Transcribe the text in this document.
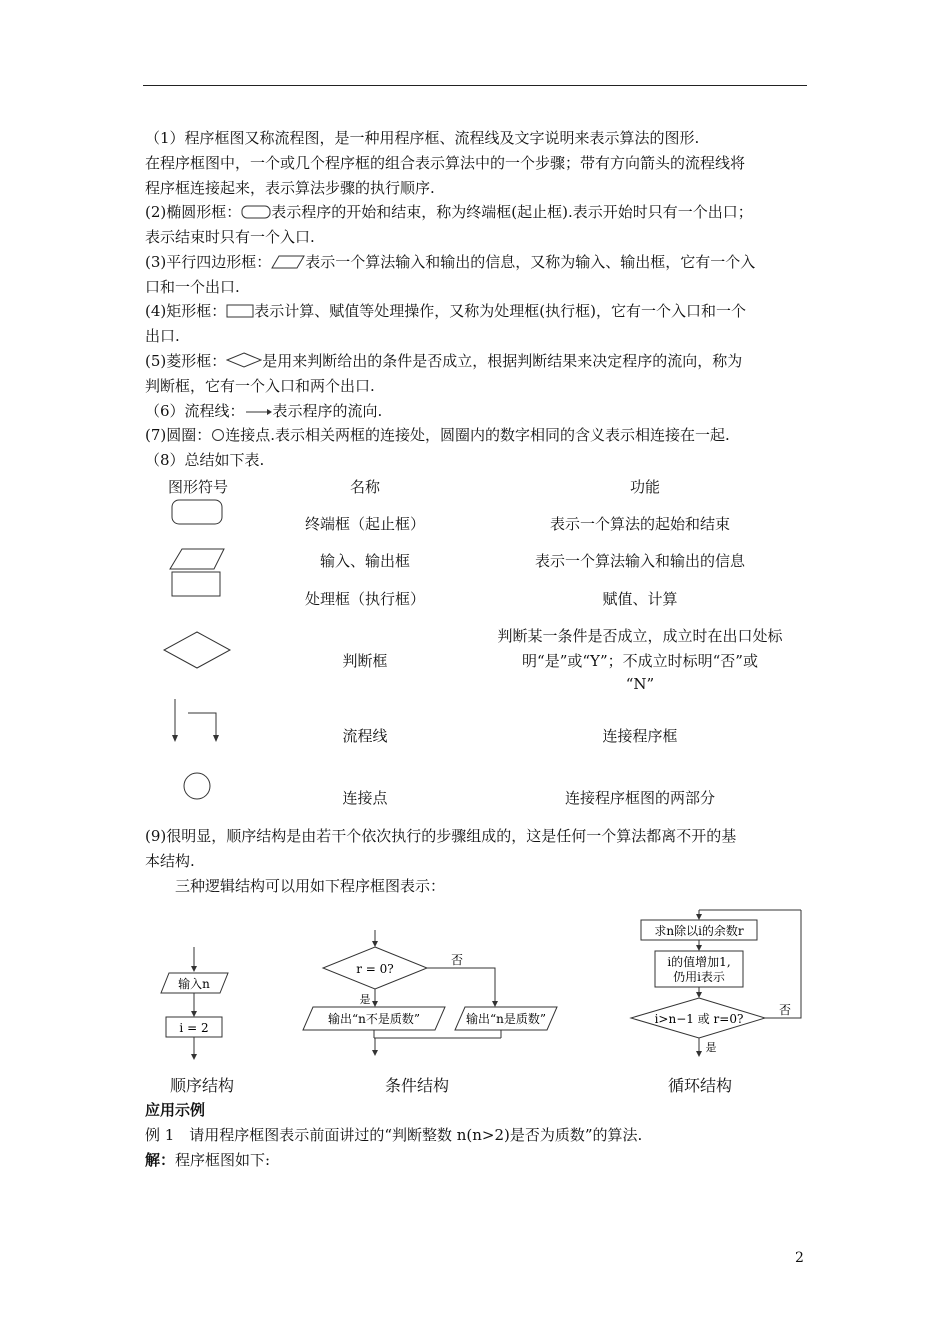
（1）程序框图又称流程图，是一种用程序框、流程线及文字说明来表示算法的图形.
在程序框图中，一个或几个程序框的组合表示算法中的一个步骤；带有方向箭头的流程线将
程序框连接起来，表示算法步骤的执行顺序.
(2)椭圆形框： 表示程序的开始和结束，称为终端框(起止框).表示开始时只有一个出口；
表示结束时只有一个入口.
(3)平行四边形框： 表示一个算法输入和输出的信息，又称为输入、输出框，它有一个入
口和一个出口.
(4)矩形框： 表示计算、赋值等处理操作，又称为处理框(执行框)，它有一个入口和一个
出口.
(5)菱形框： 是用来判断给出的条件是否成立，根据判断结果来决定程序的流向，称为
判断框，它有一个入口和两个出口.
（6）流程线： 表示程序的流向.
(7)圆圈： 连接点.表示相关两框的连接处，圆圈内的数字相同的含义表示相连接在一起.
（8）总结如下表.
图形符号	名称	功能
终端框（起止框）	表示一个算法的起始和结束
输入、输出框	表示一个算法输入和输出的信息
处理框（执行框）	赋值、计算
判断框
判断某一条件是否成立，成立时在出口处标
明“是”或“Y”；不成立时标明“否”或
“N”
流程线	连接程序框
连接点	连接程序框图的两部分
(9)很明显，顺序结构是由若干个依次执行的步骤组成的，这是任何一个算法都离不开的基
本结构.
三种逻辑结构可以用如下程序框图表示：
输入n
i = 2
r = 0?
否
是
输出“n不是质数”	输出“n是质数”
求n除以i的余数r
i的值增加1,
仍用i表示
i>n−1 或 r=0?
否
是
顺序结构	条件结构	循环结构
应用示例
例 1　请用程序框图表示前面讲过的“判断整数 n(n>2)是否为质数”的算法.
解：程序框图如下:
2
